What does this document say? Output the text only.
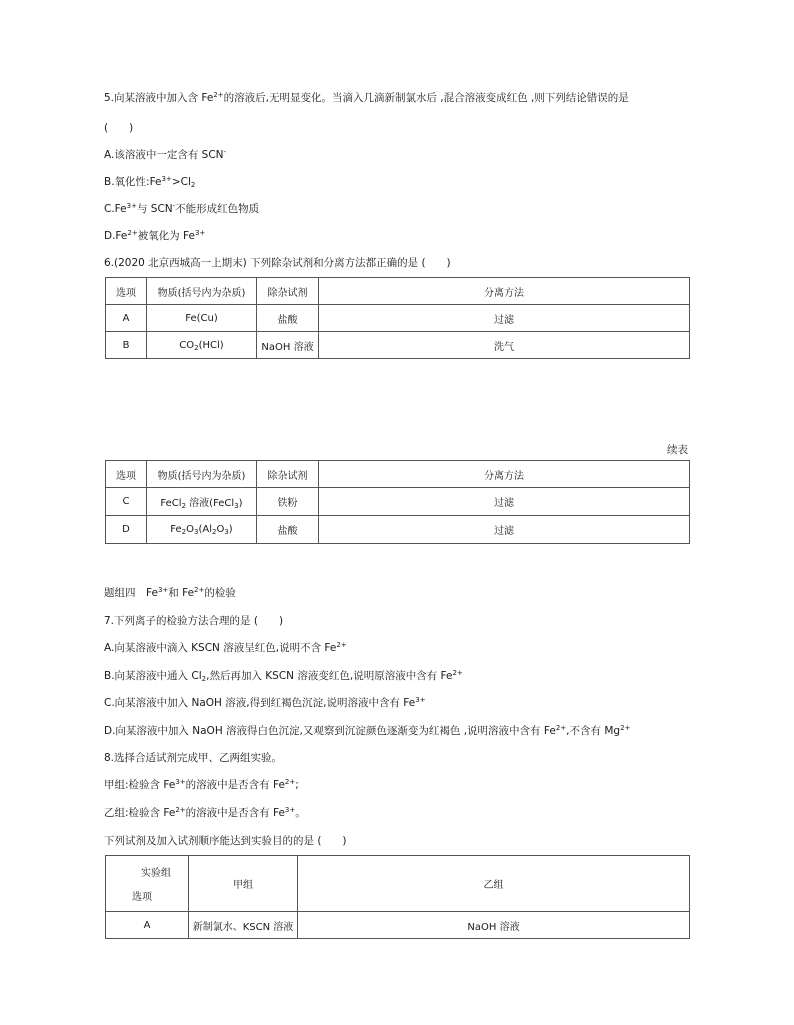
5.向某溶液中加入含 $Fe^{2+}$的溶液后,无明显变化。当滴入几滴新制氯水后 ,混合溶液变成红色 ,则下列结论错误的是
(　　)
A.该溶液中一定含有 SCN-
B.氧化性$:Fe^{3+}>Cl_2$
$C.Fe^{3+}$与 SCN-不能形成红色物质
$D.Fe^{2+}$被氧化为 $Fe^{3+}$
6.(2020 北京西城高一上期末) 下列除杂试剂和分离方法都正确的是 (　　)
选项	物质(括号内为杂质)	除杂试剂	分离方法
A	Fe(Cu)	盐酸	过滤
B	$CO_2(HCl)$	NaOH 溶液	洗气
续表
选项	物质(括号内为杂质)	除杂试剂	分离方法
C	FeCl$_2$ 溶液(FeCl$_3$)	铁粉	过滤
D	$Fe_2O_3(Al_2O_3)$	盐酸	过滤
题组四　$Fe^{3+}$和 $Fe^{2+}$的检验
7.下列离子的检验方法合理的是 (　　)
A.向某溶液中滴入 KSCN 溶液呈红色,说明不含 $Fe^{2+}$
B.向某溶液中通入 $Cl_2$,然后再加入 KSCN 溶液变红色,说明原溶液中含有 $Fe^{2+}$
C.向某溶液中加入 NaOH 溶液,得到红褐色沉淀,说明溶液中含有 $Fe^{3+}$
D.向某溶液中加入 NaOH 溶液得白色沉淀,又观察到沉淀颜色逐渐变为红褐色 ,说明溶液中含有 $Fe^{2+}$,不含有 $Mg^{2+}$
8.选择合适试剂完成甲、乙两组实验。
甲组:检验含 $Fe^{3+}$的溶液中是否含有 $Fe^{2+}$;
乙组:检验含 $Fe^{2+}$的溶液中是否含有 $Fe^{3+}$。
下列试剂及加入试剂顺序能达到实验目的的是 (　　)
实验组
选项	甲组	乙组
A	新制氯水、KSCN 溶液	NaOH 溶液
